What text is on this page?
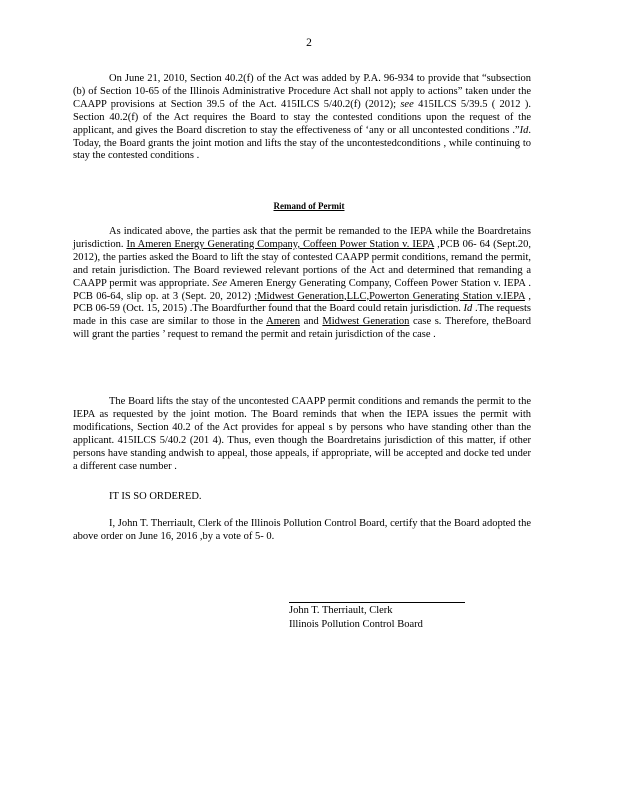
2

On June 21, 2010, Section 40.2(f) of the Act was added by P.A. 96-934 to provide that “subsection (b) of Section 10-65 of the Illinois Administrative Procedure Act shall not apply to actions” taken under the CAAPP provisions at Section 39.5 of the Act. 415ILCS 5/40.2(f) (2012); see 415ILCS 5/39.5 ( 2012 ). Section 40.2(f) of the Act requires the Board to stay the contested conditions upon the request of the applicant, and gives the Board discretion to stay the effectiveness of ‘any or all uncontested conditions .”Id. Today, the Board grants the joint motion and lifts the stay of the uncontestedconditions , while continuing to stay the contested conditions .

Remand of Permit

As indicated above, the parties ask that the permit be remanded to the IEPA while the Boardretains jurisdiction. In Ameren Energy Generating Company, Coffeen Power Station v. IEPA ,PCB 06- 64 (Sept.20, 2012), the parties asked the Board to lift the stay of contested CAAPP permit conditions, remand the permit, and retain jurisdiction. The Board reviewed relevant portions of the Act and determined that remanding a CAAPP permit was appropriate. See Ameren Energy Generating Company, Coffeen Power Station v. IEPA . PCB 06-64, slip op. at 3 (Sept. 20, 2012) ;Midwest Generation,LLC,Powerton Generating Station v.IEPA , PCB 06-59 (Oct. 15, 2015) .The Boardfurther found that the Board could retain jurisdiction. Id .The requests made in this case are similar to those in the Ameren and Midwest Generation case s. Therefore, theBoard will grant the parties ’ request to remand the permit and retain jurisdiction of the case .

The Board lifts the stay of the uncontested CAAPP permit conditions and remands the permit to the IEPA as requested by the joint motion. The Board reminds that when the IEPA issues the permit with modifications, Section 40.2 of the Act provides for appeal s by persons who have standing other than the applicant. 415ILCS 5/40.2 (201 4). Thus, even though the Boardretains jurisdiction of this matter, if other persons have standing andwish to appeal, those appeals, if appropriate, will be accepted and docke ted under a different case number .

IT IS SO ORDERED.

I, John T. Therriault, Clerk of the Illinois Pollution Control Board, certify that the Board adopted the above order on June 16, 2016 ,by a vote of 5- 0.

John T. Therriault, Clerk
Illinois Pollution Control Board
